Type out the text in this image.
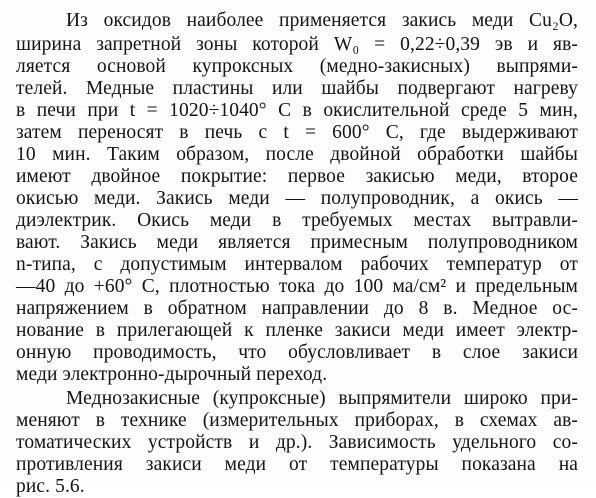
Из оксидов наиболее применяется закись меди Cu₂O,
ширина запретной зоны которой W₀ = 0,22÷0,39 эв и яв-
ляется основой купроксных (медно-закисных) выпрями-
телей. Медные пластины или шайбы подвергают нагреву
в печи при t = 1020÷1040° С в окислительной среде 5 мин,
затем переносят в печь с t = 600° С, где выдерживают
10 мин. Таким образом, после двойной обработки шайбы
имеют двойное покрытие: первое закисью меди, второе
окисью меди. Закись меди — полупроводник, а окись —
диэлектрик. Окись меди в требуемых местах вытравли-
вают. Закись меди является примесным полупроводником
n-типа, с допустимым интервалом рабочих температур от
—40 до +60° С, плотностью тока до 100 ма/см² и предельным
напряжением в обратном направлении до 8 в. Медное ос-
нование в прилегающей к пленке закиси меди имеет электр-
онную проводимость, что обусловливает в слое закиси
меди электронно-дырочный переход.
Меднозакисные (купроксные) выпрямители широко при-
меняют в технике (измерительных приборах, в схемах ав-
томатических устройств и др.). Зависимость удельного со-
противления закиси меди от температуры показана на
рис. 5.6.
